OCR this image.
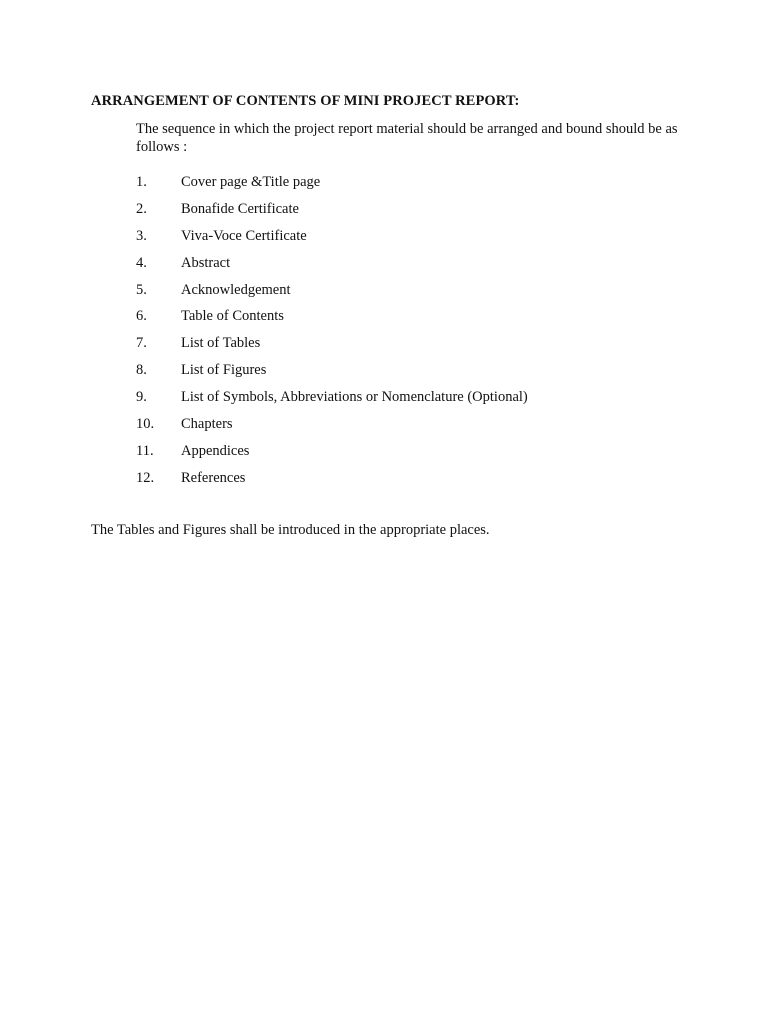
ARRANGEMENT OF CONTENTS OF MINI PROJECT REPORT:
The sequence in which the project report material should be arranged and bound should be as follows :
1.	Cover page &Title page
2.	Bonafide Certificate
3.	Viva-Voce Certificate
4.	Abstract
5.	Acknowledgement
6.	Table of Contents
7.	List of Tables
8.	List of Figures
9.	List of Symbols, Abbreviations or Nomenclature (Optional)
10.	Chapters
11.	Appendices
12.	References
The Tables and Figures shall be introduced in the appropriate places.
